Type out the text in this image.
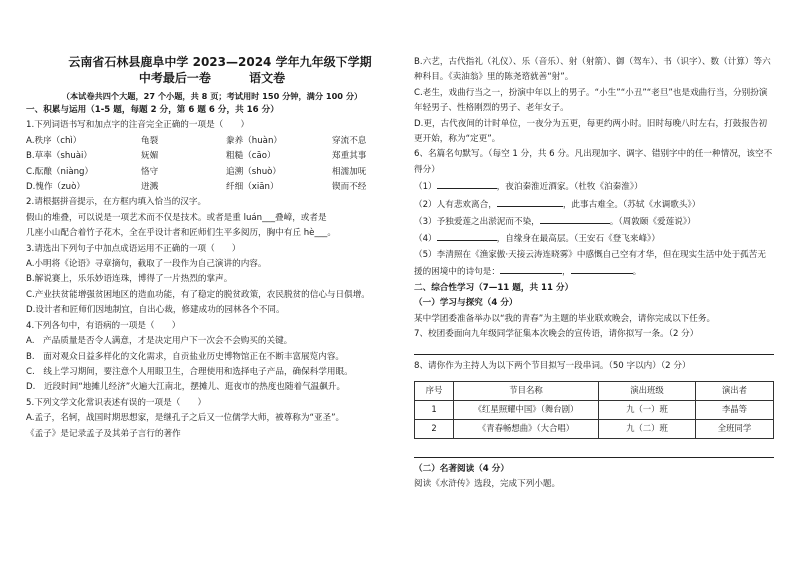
云南省石林县鹿阜中学 2023—2024 学年九年级下学期
中考最后一卷	语文卷
（本试卷共四个大题，27 个小题，共 8 页；考试用时 150 分钟，满分 100 分）
一、积累与运用（1-5 题，每题 2 分，第 6 题 6 分，共 16 分）
1.下列词语书写和加点字的注音完全正确的一项是（　　）
A.秩序（chì）	龟裂	豢养（huàn）	穿流不息
B.草率（shuài）	妩媚	粗糙（cāo）	郑重其事
C.酝酿（niàng）	恪守	追溯（shuò）	相濡加呒
D.愧作（zuò）	迸溅	纤细（xiān）	锲而不经
2.请根据拼音提示，在方框内填入恰当的汉字。
假山的堆叠，可以说是一项艺术而不仅是技术。或者是重 luán___叠嶂，或者是
几座小山配合着竹子花木，全在乎设计者和匠师们生平多阅历，胸中有丘 hè___。
3.请选出下列句子中加点成语运用不正确的一项（　　）
A.小明将《论语》寻章摘句，截取了一段作为自己演讲的内容。
B.解说赛上，乐乐妙语连珠，博得了一片热烈的掌声。
C.产业扶贫能增强贫困地区的造血功能，有了稳定的脱贫政策，农民脱贫的信心与日俱增。
D.设计者和匠师们因地制宜，自出心裁，修建成功的园林各个不同。
4.下列各句中，有语病的一项是（　　）
A.　产品质量是否令人满意，才是决定用户下一次会不会购买的关键。
B.　面对观众日益多样化的文化需求，自贡盐业历史博物馆正在不断丰富展览内容。
C.　线上学习期间，要注意个人用眼卫生，合理使用和选择电子产品，确保科学用眼。
D.　近段时间“地摊儿经济”火遍大江南北，摆摊儿、逛夜市的热度也随着气温飙升。
5.下列文学文化常识表述有误的一项是（　　）
A.孟子，名轲，战国时期思想家，是继孔子之后又一位儒学大师，被尊称为“亚圣”。
《孟子》是记录孟子及其弟子言行的著作
B.六艺，古代指礼（礼仪）、乐（音乐）、射（射箭）、御（驾车）、书（识字）、数（计算）等六种科目。《卖油翁》里的陈尧谘就善“射”。
C.老生，戏曲行当之一，扮演中年以上的男子。“小生”“小丑”“老旦”也是戏曲行当，分别扮演年轻男子、性格刚烈的男子、老年女子。
D.更，古代夜间的计时单位，一夜分为五更，每更约两小时。旧时每晚八时左右，打鼓报告初更开始，称为“定更”。
6、名篇名句默写。（每空 1 分，共 6 分。凡出现加字、调字、错别字中的任一种情况，该空不得分）
（1）	，夜泊秦淮近酒家。（杜牧《泊秦淮》）
（2）人有悲欢离合，	，此事古难全。（苏轼《水调歌头》）
（3）予独爱莲之出淤泥而不染，	。（周敦颐《爱莲说》）
（4）	，自缘身在最高层。（王安石《登飞来峰》）
（5）李清照在《渔家傲·天接云涛连晓雾》中感慨自己空有才华，但在现实生活中处于孤苦无援的困境中的诗句是：	，	。
二、综合性学习（7—11 题，共 11 分）
（一）学习与探究（4 分）
某中学团委准备举办以“我的青春”为主题的毕业联欢晚会，请你完成以下任务。
7、校团委面向九年级同学征集本次晚会的宣传语，请你拟写一条。（2 分）
8、请你作为主持人为以下两个节目拟写一段串词。（50 字以内）（2 分）
序号	节目名称	演出班级	演出者
1	《红星照耀中国》（舞台剧）	九（一）班	李晶等
2	《青春畅想曲》（大合唱）	九（二）班	全班同学
（二）名著阅读（4 分）
阅读《水浒传》选段，完成下列小题。
